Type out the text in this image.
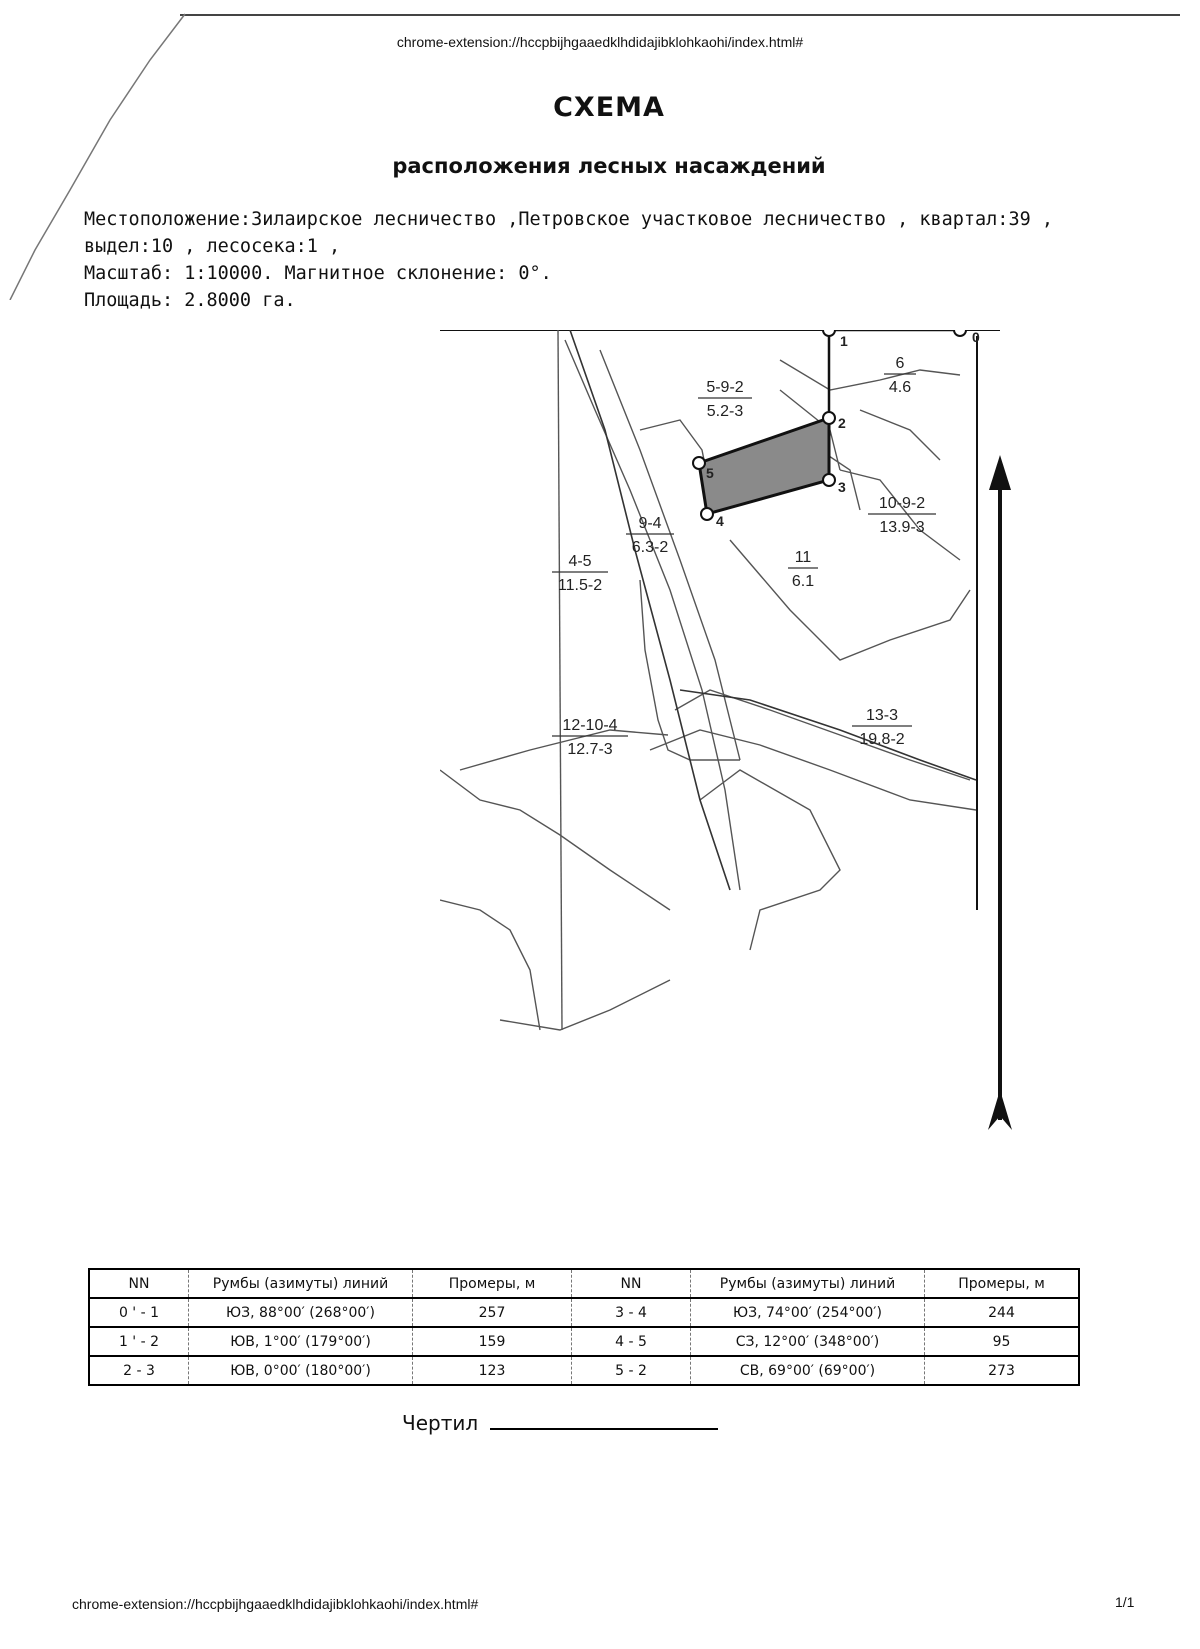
chrome-extension://hccpbijhgaaedklhdidajibklohkaohi/index.html#
СХЕМА
расположения лесных насаждений
Местоположение:Зилаирское лесничество ,Петровское участковое лесничество , квартал:39 ,
выдел:10 , лесосека:1 ,
Масштаб: 1:10000. Магнитное склонение: 0°.
Площадь: 2.8000 га.
0
1
2
3
4
5
5-9-2
5.2-3
6
4.6
10-9-2
13.9-3
9-4
6.3-2
4-5
11.5-2
11
6.1
12-10-4
12.7-3
13-3
19.8-2
NN	Румбы (азимуты) линий	Промеры, м	NN	Румбы (азимуты) линий	Промеры, м
0 ' - 1	ЮЗ, 88°00′ (268°00′)	257	3 - 4	ЮЗ, 74°00′ (254°00′)	244
1 ' - 2	ЮВ, 1°00′ (179°00′)	159	4 - 5	СЗ, 12°00′ (348°00′)	95
2 - 3	ЮВ, 0°00′ (180°00′)	123	5 - 2	СВ, 69°00′ (69°00′)	273
Чертил
chrome-extension://hccpbijhgaaedklhdidajibklohkaohi/index.html#	1/1
